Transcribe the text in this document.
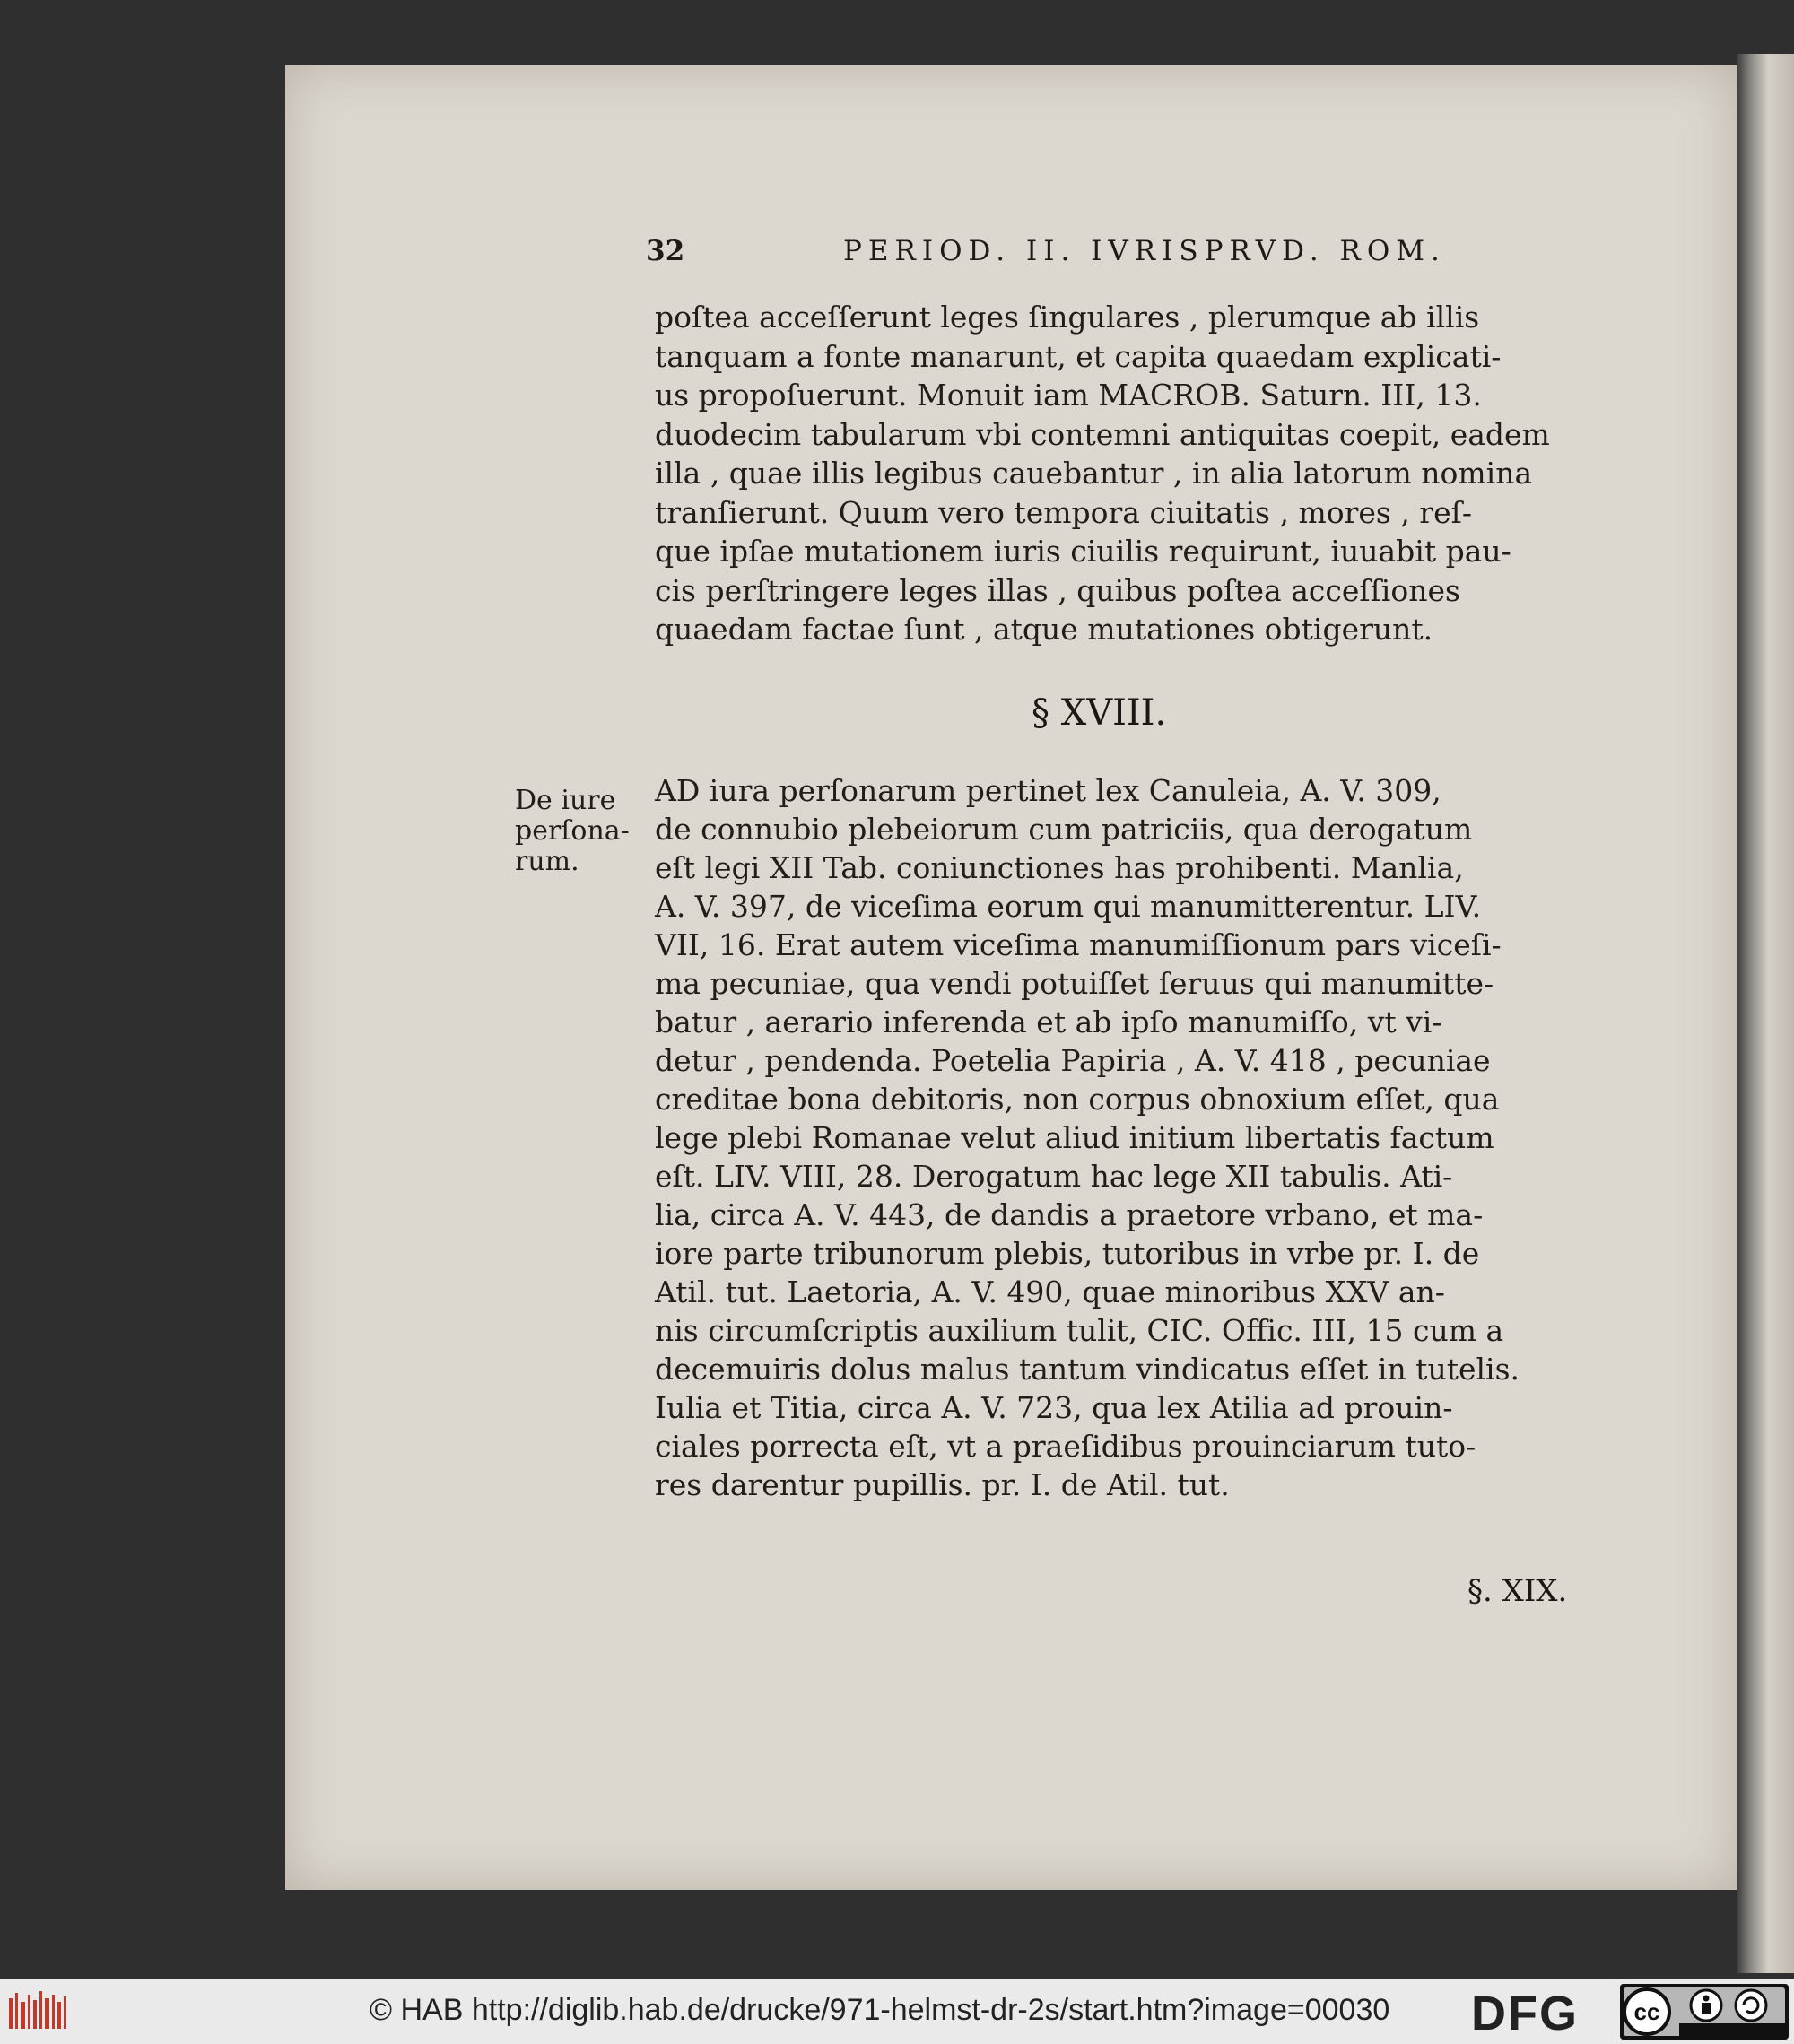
32	PERIOD. II. IVRISPRVD. ROM.
poſtea acceſſerunt leges ſingulares , plerumque ab illis
tanquam a fonte manarunt, et capita quaedam explicati-
us propoſuerunt. Monuit iam MACROB. Saturn. III, 13.
duodecim tabularum vbi contemni antiquitas coepit, eadem
illa , quae illis legibus cauebantur , in alia latorum nomina
tranſierunt. Quum vero tempora ciuitatis , mores , reſ-
que ipſae mutationem iuris ciuilis requirunt, iuuabit pau-
cis perſtringere leges illas , quibus poſtea acceſſiones
quaedam factae ſunt , atque mutationes obtigerunt.
§ XVIII.
De iure
perſona-
rum.
AD iura perſonarum pertinet lex Canuleia, A. V. 309,
de connubio plebeiorum cum patriciis, qua derogatum
eſt legi XII Tab. coniunctiones has prohibenti. Manlia,
A. V. 397, de viceſima eorum qui manumitterentur. LIV.
VII, 16. Erat autem viceſima manumiſſionum pars viceſi-
ma pecuniae, qua vendi potuiſſet ſeruus qui manumitte-
batur , aerario inferenda et ab ipſo manumiſſo, vt vi-
detur , pendenda. Poetelia Papiria , A. V. 418 , pecuniae
creditae bona debitoris, non corpus obnoxium eſſet, qua
lege plebi Romanae velut aliud initium libertatis factum
eſt. LIV. VIII, 28. Derogatum hac lege XII tabulis. Ati-
lia, circa A. V. 443, de dandis a praetore vrbano, et ma-
iore parte tribunorum plebis, tutoribus in vrbe pr. I. de
Atil. tut. Laetoria, A. V. 490, quae minoribus XXV an-
nis circumſcriptis auxilium tulit, CIC. Offic. III, 15 cum a
decemuiris dolus malus tantum vindicatus eſſet in tutelis.
Iulia et Titia, circa A. V. 723, qua lex Atilia ad prouin-
ciales porrecta eſt, vt a praeſidibus prouinciarum tuto-
res darentur pupillis. pr. I. de Atil. tut.
§. XIX.
© HAB http://diglib.hab.de/drucke/971-helmst-dr-2s/start.htm?image=00030 DFG	cc
